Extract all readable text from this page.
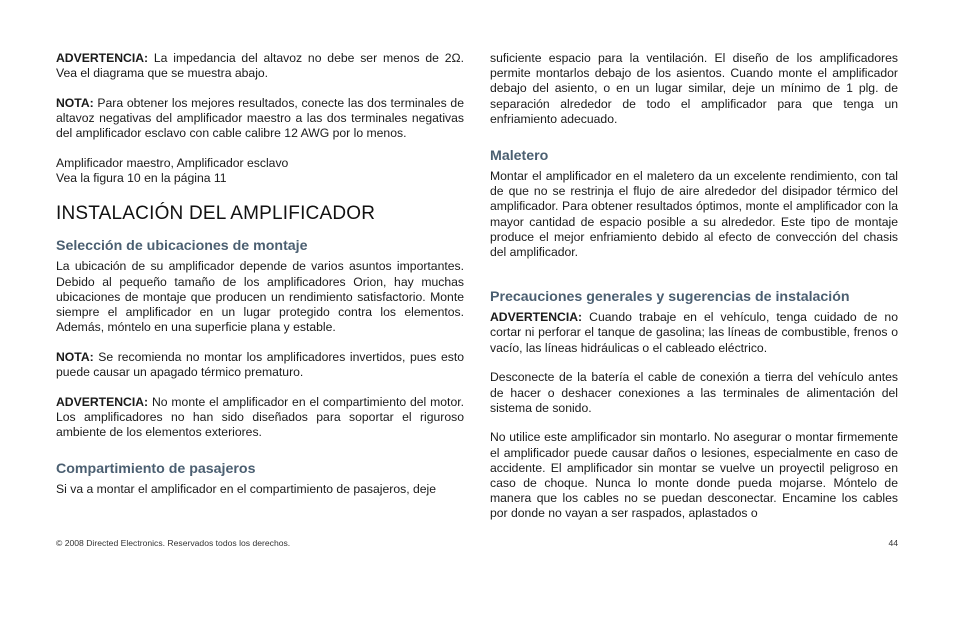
ADVERTENCIA: La impedancia del altavoz no debe ser menos de 2Ω. Vea el diagrama que se muestra abajo.

NOTA: Para obtener los mejores resultados, conecte las dos terminales de altavoz negativas del amplificador maestro a las dos terminales negativas del amplificador esclavo con cable calibre 12 AWG por lo menos.

Amplificador maestro, Amplificador esclavo
Vea la figura 10 en la página 11

INSTALACIÓN DEL AMPLIFICADOR
Selección de ubicaciones de montaje

La ubicación de su amplificador depende de varios asuntos importantes. Debido al pequeño tamaño de los amplificadores Orion, hay muchas ubicaciones de montaje que producen un rendimiento satisfactorio. Monte siempre el amplificador en un lugar protegido contra los elementos. Además, móntelo en una superficie plana y estable.

NOTA: Se recomienda no montar los amplificadores invertidos, pues esto puede causar un apagado térmico prematuro.

ADVERTENCIA: No monte el amplificador en el compartimiento del motor. Los amplificadores no han sido diseñados para soportar el riguroso ambiente de los elementos exteriores.

Compartimiento de pasajeros

Si va a montar el amplificador en el compartimiento de pasajeros, deje

suficiente espacio para la ventilación. El diseño de los amplificadores permite montarlos debajo de los asientos. Cuando monte el amplificador debajo del asiento, o en un lugar similar, deje un mínimo de 1 plg. de separación alrededor de todo el amplificador para que tenga un enfriamiento adecuado.

Maletero

Montar el amplificador en el maletero da un excelente rendimiento, con tal de que no se restrinja el flujo de aire alrededor del disipador térmico del amplificador. Para obtener resultados óptimos, monte el amplificador con la mayor cantidad de espacio posible a su alrededor. Este tipo de montaje produce el mejor enfriamiento debido al efecto de convección del chasis del amplificador.

Precauciones generales y sugerencias de instalación

ADVERTENCIA: Cuando trabaje en el vehículo, tenga cuidado de no cortar ni perforar el tanque de gasolina; las líneas de combustible, frenos o vacío, las líneas hidráulicas o el cableado eléctrico.

Desconecte de la batería el cable de conexión a tierra del vehículo antes de hacer o deshacer conexiones a las terminales de alimentación del sistema de sonido.

No utilice este amplificador sin montarlo. No asegurar o montar firmemente el amplificador puede causar daños o lesiones, especialmente en caso de accidente. El amplificador sin montar se vuelve un proyectil peligroso en caso de choque. Nunca lo monte donde pueda mojarse. Móntelo de manera que los cables no se puedan desconectar. Encamine los cables por donde no vayan a ser raspados, aplastados o

© 2008 Directed Electronics. Reservados todos los derechos.	44
